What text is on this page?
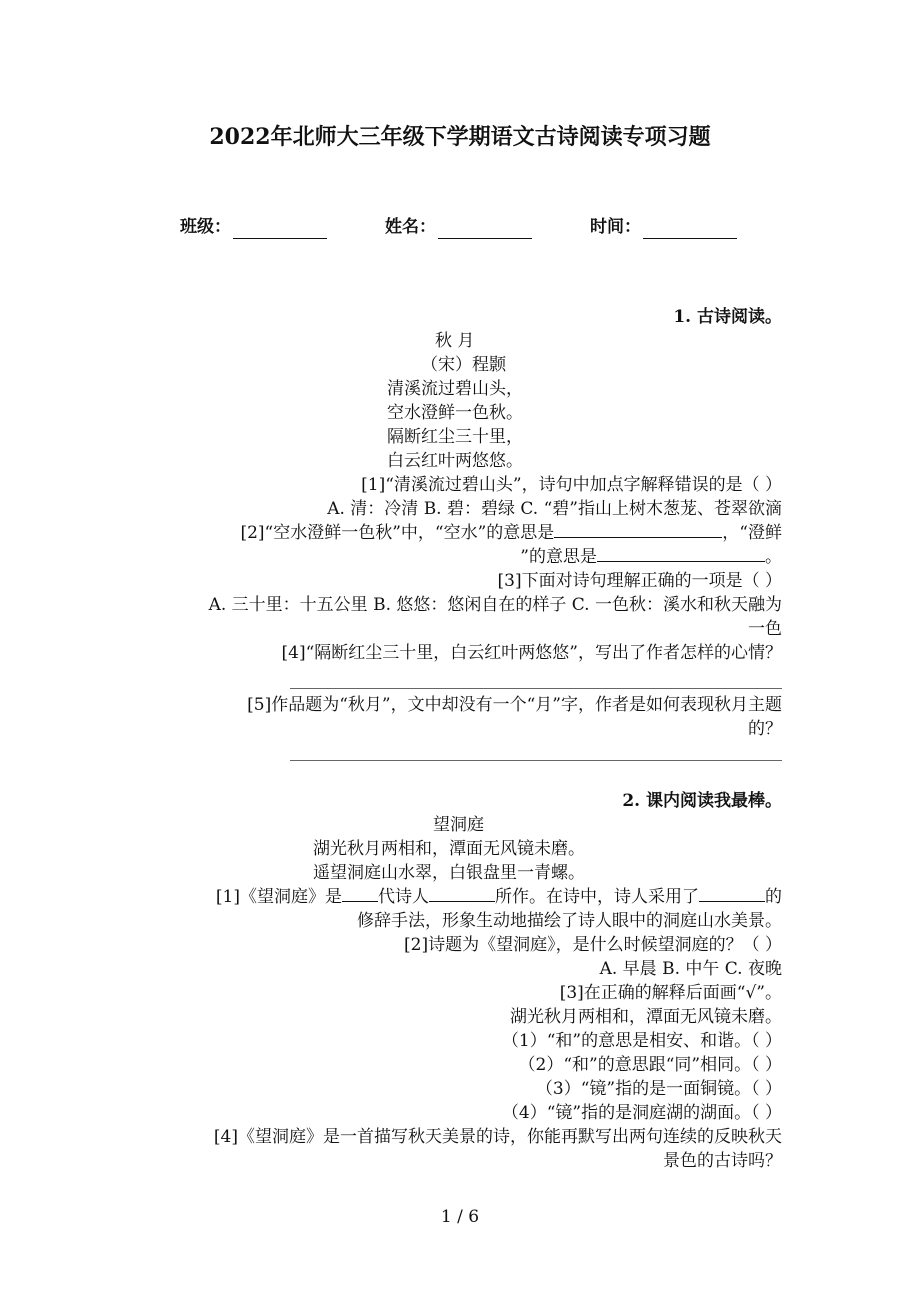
2022年北师大三年级下学期语文古诗阅读专项习题
班级：	姓名：	时间：
1. 古诗阅读。
秋 月
（宋）程颢
清溪流过碧山头，
空水澄鲜一色秋。
隔断红尘三十里，
白云红叶两悠悠。
[1]“清溪流过碧山头”，诗句中加点字解释错误的是（ ）
A. 清：冷清 B. 碧：碧绿 C. “碧”指山上树木葱茏、苍翠欲滴
[2]“空水澄鲜一色秋”中，“空水”的意思是	，“澄鲜
”的意思是	。
[3]下面对诗句理解正确的一项是（ ）
A. 三十里：十五公里 B. 悠悠：悠闲自在的样子 C. 一色秋：溪水和秋天融为
一色
[4]“隔断红尘三十里，白云红叶两悠悠”，写出了作者怎样的心情？
[5]作品题为“秋月”，文中却没有一个“月”字，作者是如何表现秋月主题
的？
2. 课内阅读我最棒。
望洞庭
湖光秋月两相和，潭面无风镜未磨。
遥望洞庭山水翠，白银盘里一青螺。
[1]《望洞庭》是 代诗人	所作。在诗中，诗人采用了	的
修辞手法，形象生动地描绘了诗人眼中的洞庭山水美景。
[2]诗题为《望洞庭》，是什么时候望洞庭的？（ ）
A. 早晨 B. 中午 C. 夜晚
[3]在正确的解释后面画“√”。
湖光秋月两相和，潭面无风镜未磨。
（1）“和”的意思是相安、和谐。（ ）
（2）“和”的意思跟“同”相同。（ ）
（3）“镜”指的是一面铜镜。（ ）
（4）“镜”指的是洞庭湖的湖面。（ ）
[4]《望洞庭》是一首描写秋天美景的诗，你能再默写出两句连续的反映秋天
景色的古诗吗？
1 / 6
